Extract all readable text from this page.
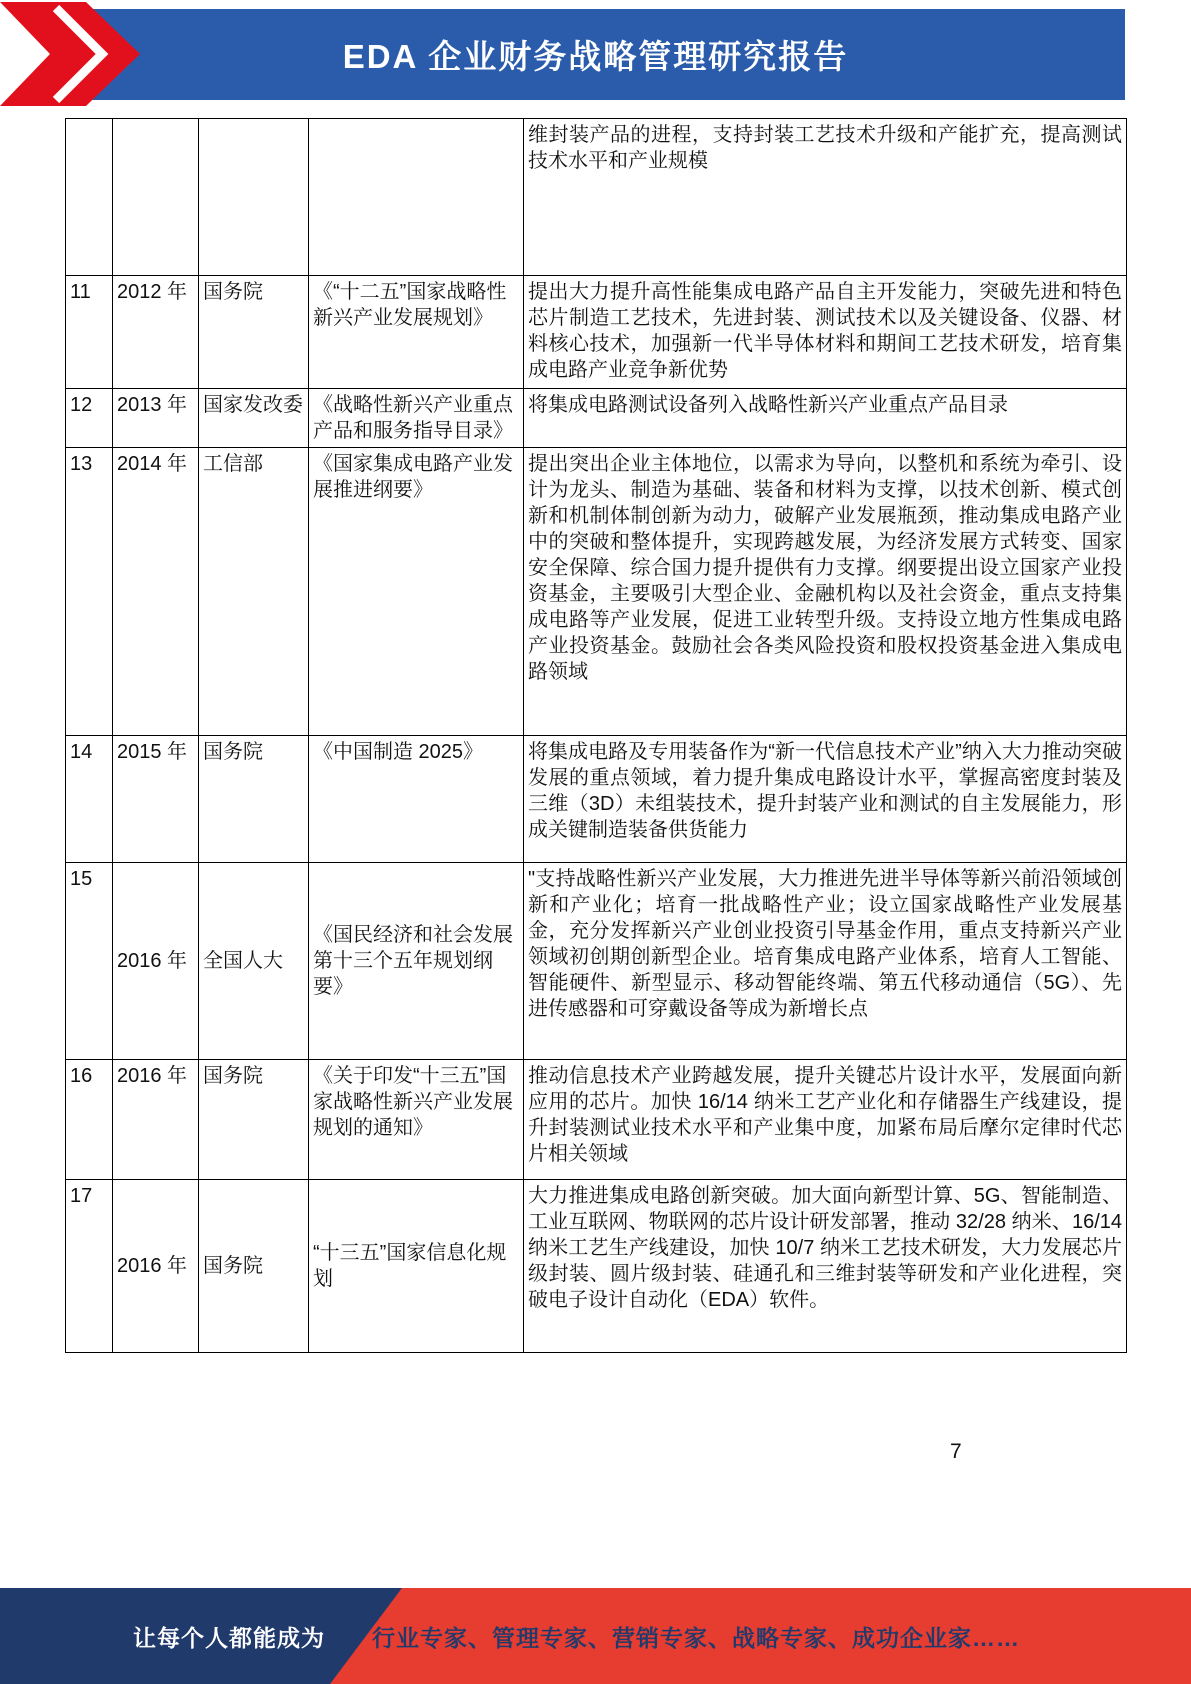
EDA 企业财务战略管理研究报告
				维封装产品的进程，支持封装工艺技术升级和产能扩充，提高测试技术水平和产业规模
11	2012 年	国务院	《“十二五”国家战略性新兴产业发展规划》	提出大力提升高性能集成电路产品自主开发能力，突破先进和特色芯片制造工艺技术，先进封装、测试技术以及关键设备、仪器、材料核心技术，加强新一代半导体材料和期间工艺技术研发，培育集成电路产业竞争新优势
12	2013 年	国家发改委	《战略性新兴产业重点产品和服务指导目录》	将集成电路测试设备列入战略性新兴产业重点产品目录
13	2014 年	工信部	《国家集成电路产业发展推进纲要》	提出突出企业主体地位，以需求为导向，以整机和系统为牵引、设计为龙头、制造为基础、装备和材料为支撑，以技术创新、模式创新和机制体制创新为动力，破解产业发展瓶颈，推动集成电路产业中的突破和整体提升，实现跨越发展，为经济发展方式转变、国家安全保障、综合国力提升提供有力支撑。纲要提出设立国家产业投资基金，主要吸引大型企业、金融机构以及社会资金，重点支持集成电路等产业发展，促进工业转型升级。支持设立地方性集成电路产业投资基金。鼓励社会各类风险投资和股权投资基金进入集成电路领域
14	2015 年	国务院	《中国制造 2025》	将集成电路及专用装备作为“新一代信息技术产业”纳入大力推动突破发展的重点领域，着力提升集成电路设计水平，掌握高密度封装及三维（3D）未组装技术，提升封装产业和测试的自主发展能力，形成关键制造装备供货能力
15	2016 年	全国人大	《国民经济和社会发展第十三个五年规划纲要》	"支持战略性新兴产业发展，大力推进先进半导体等新兴前沿领域创新和产业化；培育一批战略性产业；设立国家战略性产业发展基金，充分发挥新兴产业创业投资引导基金作用，重点支持新兴产业领域初创期创新型企业。培育集成电路产业体系，培育人工智能、智能硬件、新型显示、移动智能终端、第五代移动通信（5G）、先进传感器和可穿戴设备等成为新增长点
16	2016 年	国务院	《关于印发“十三五”国家战略性新兴产业发展规划的通知》	推动信息技术产业跨越发展，提升关键芯片设计水平，发展面向新应用的芯片。加快 16/14 纳米工艺产业化和存储器生产线建设，提升封装测试业技术水平和产业集中度，加紧布局后摩尔定律时代芯片相关领域
17	2016 年	国务院	“十三五”国家信息化规划	大力推进集成电路创新突破。加大面向新型计算、5G、智能制造、工业互联网、物联网的芯片设计研发部署，推动 32/28 纳米、16/14 纳米工艺生产线建设，加快 10/7 纳米工艺技术研发，大力发展芯片级封装、圆片级封装、硅通孔和三维封装等研发和产业化进程，突破电子设计自动化（EDA）软件。
7
让每个人都能成为 行业专家、管理专家、营销专家、战略专家、成功企业家……
